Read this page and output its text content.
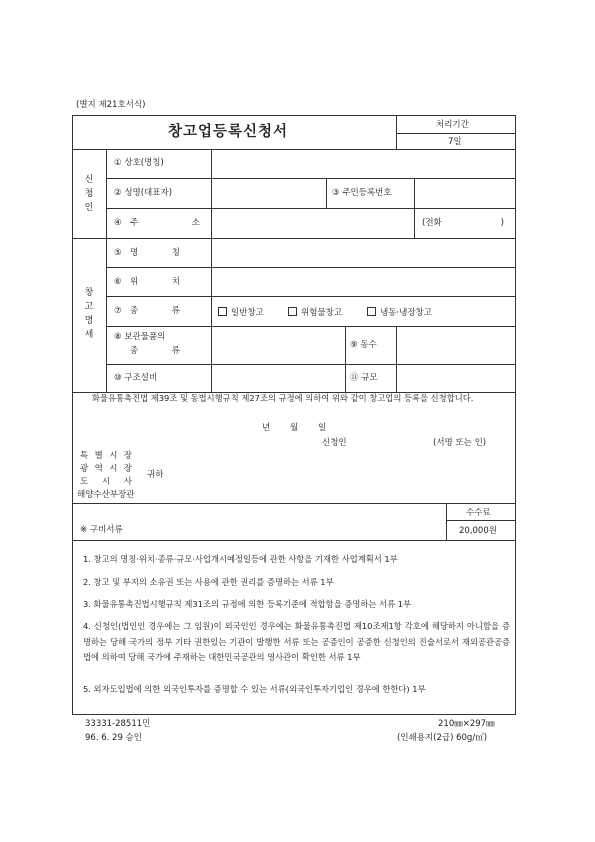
(별지 제21호서식)
창고업등록신청서	처리기간
7일
신
청
인
① 상호(명칭)
② 성명(대표자)	③ 주민등록번호
④ 주	소	(전화	)
창
고
명
세
⑤ 명	칭
⑥ 위	치
⑦ 종	류	일반창고	위험물창고	냉동·냉장창고
⑧ 보관물품의
종	류
⑨ 동수
⑩ 구조설비	⑪ 규모
화물유통촉진법 제39조 및 동법시행규칙 제27조의 규정에 의하여 위와 같이 창고업의 등록을 신청합니다.
년 월 일
신청인	(서명 또는 인)
특 별 시 장
광 역 시 장
도 시 사
해양수산부장관
귀하
수수료
20,000원
※ 구비서류
1. 창고의 명칭·위치·종류·규모·사업개시예정일등에 관한 사항을 기재한 사업계획서 1부
2. 창고 및 부지의 소유권 또는 사용에 관한 권리를 증명하는 서류 1부
3. 화물유통촉진법시행규칙 제31조의 규정에 의한 등록기준에 적합함을 증명하는 서류 1부
4. 신청인(법인인 경우에는 그 임원)이 외국인인 경우에는 화물유통촉진법 제10조제1항 각호에 해당하지 아니함을 증명하는 당해 국가의 정부 기타 권한있는 기관이 발행한 서류 또는 공증인이 공증한 신청인의 진술서로서 재외공관공증법에 의하여 당해 국가에 주재하는 대한민국공관의 영사관이 확인한 서류 1부
5. 외자도입법에 의한 외국인투자를 증명할 수 있는 서류(외국인투자기업인 경우에 한한다) 1부
33331-28511민
96. 6. 29 승인
210㎜×297㎜
(인쇄용지(2급) 60g/㎡)
